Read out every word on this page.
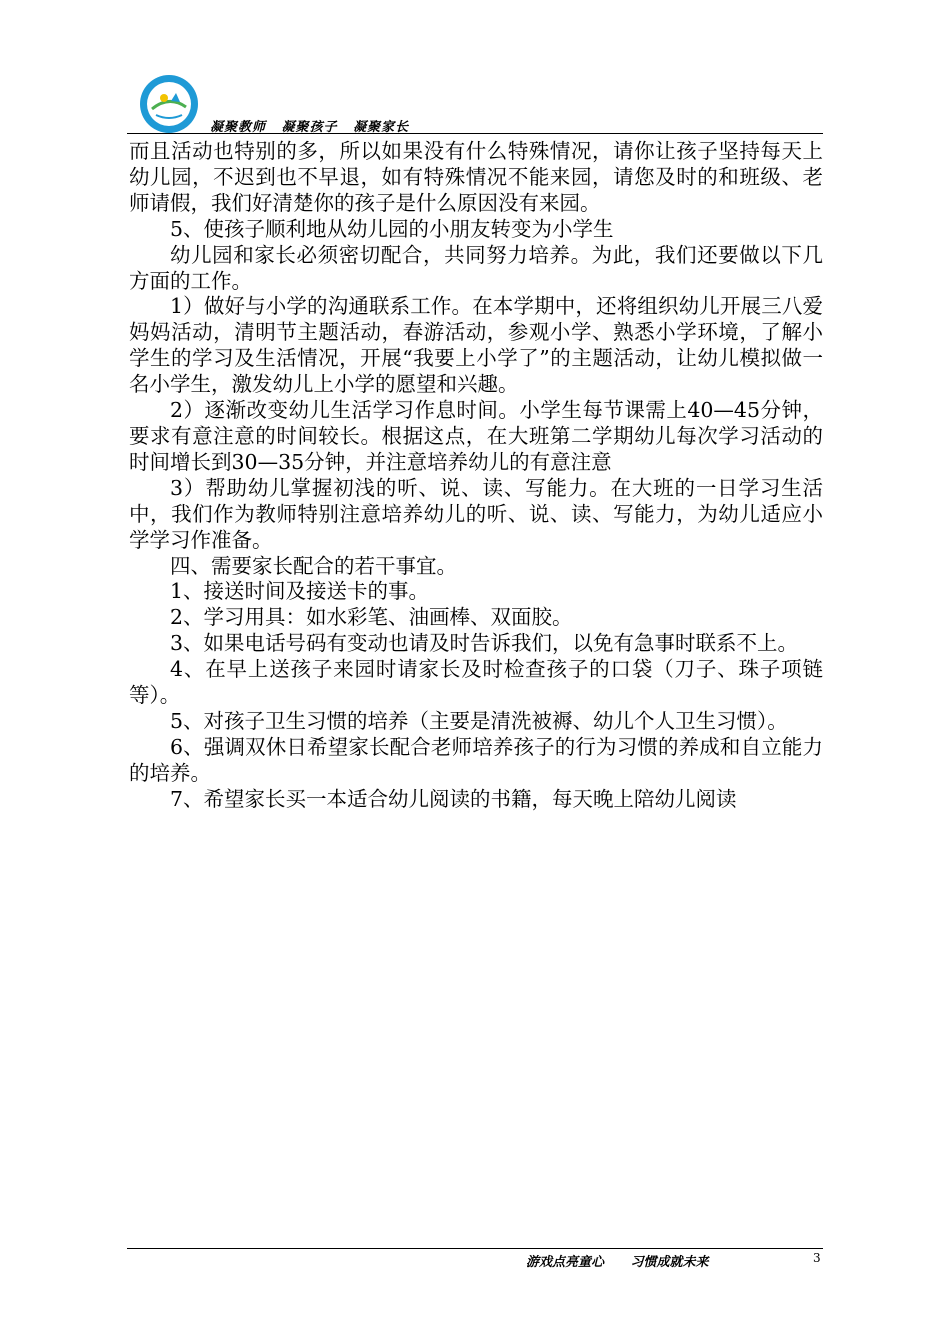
凝聚教师 凝聚孩子 凝聚家长

而且活动也特别的多，所以如果没有什么特殊情况，请你让孩子坚持每天上幼儿园，不迟到也不早退，如有特殊情况不能来园，请您及时的和班级、老师请假，我们好清楚你的孩子是什么原因没有来园。

5、使孩子顺利地从幼儿园的小朋友转变为小学生

幼儿园和家长必须密切配合，共同努力培养。为此，我们还要做以下几方面的工作。

1）做好与小学的沟通联系工作。在本学期中，还将组织幼儿开展三八爱妈妈活动，清明节主题活动，春游活动，参观小学、熟悉小学环境，了解小学生的学习及生活情况，开展“我要上小学了”的主题活动，让幼儿模拟做一名小学生，激发幼儿上小学的愿望和兴趣。

2）逐渐改变幼儿生活学习作息时间。小学生每节课需上40—45分钟，要求有意注意的时间较长。根据这点，在大班第二学期幼儿每次学习活动的时间增长到30—35分钟，并注意培养幼儿的有意注意

3）帮助幼儿掌握初浅的听、说、读、写能力。在大班的一日学习生活中，我们作为教师特别注意培养幼儿的听、说、读、写能力，为幼儿适应小学学习作准备。

四、需要家长配合的若干事宜。

1、接送时间及接送卡的事。

2、学习用具：如水彩笔、油画棒、双面胶。

3、如果电话号码有变动也请及时告诉我们，以免有急事时联系不上。

4、在早上送孩子来园时请家长及时检查孩子的口袋（刀子、珠子项链等）。

5、对孩子卫生习惯的培养（主要是清洗被褥、幼儿个人卫生习惯）。

6、强调双休日希望家长配合老师培养孩子的行为习惯的养成和自立能力的培养。

7、希望家长买一本适合幼儿阅读的书籍，每天晚上陪幼儿阅读

游戏点亮童心 习惯成就未来	3
